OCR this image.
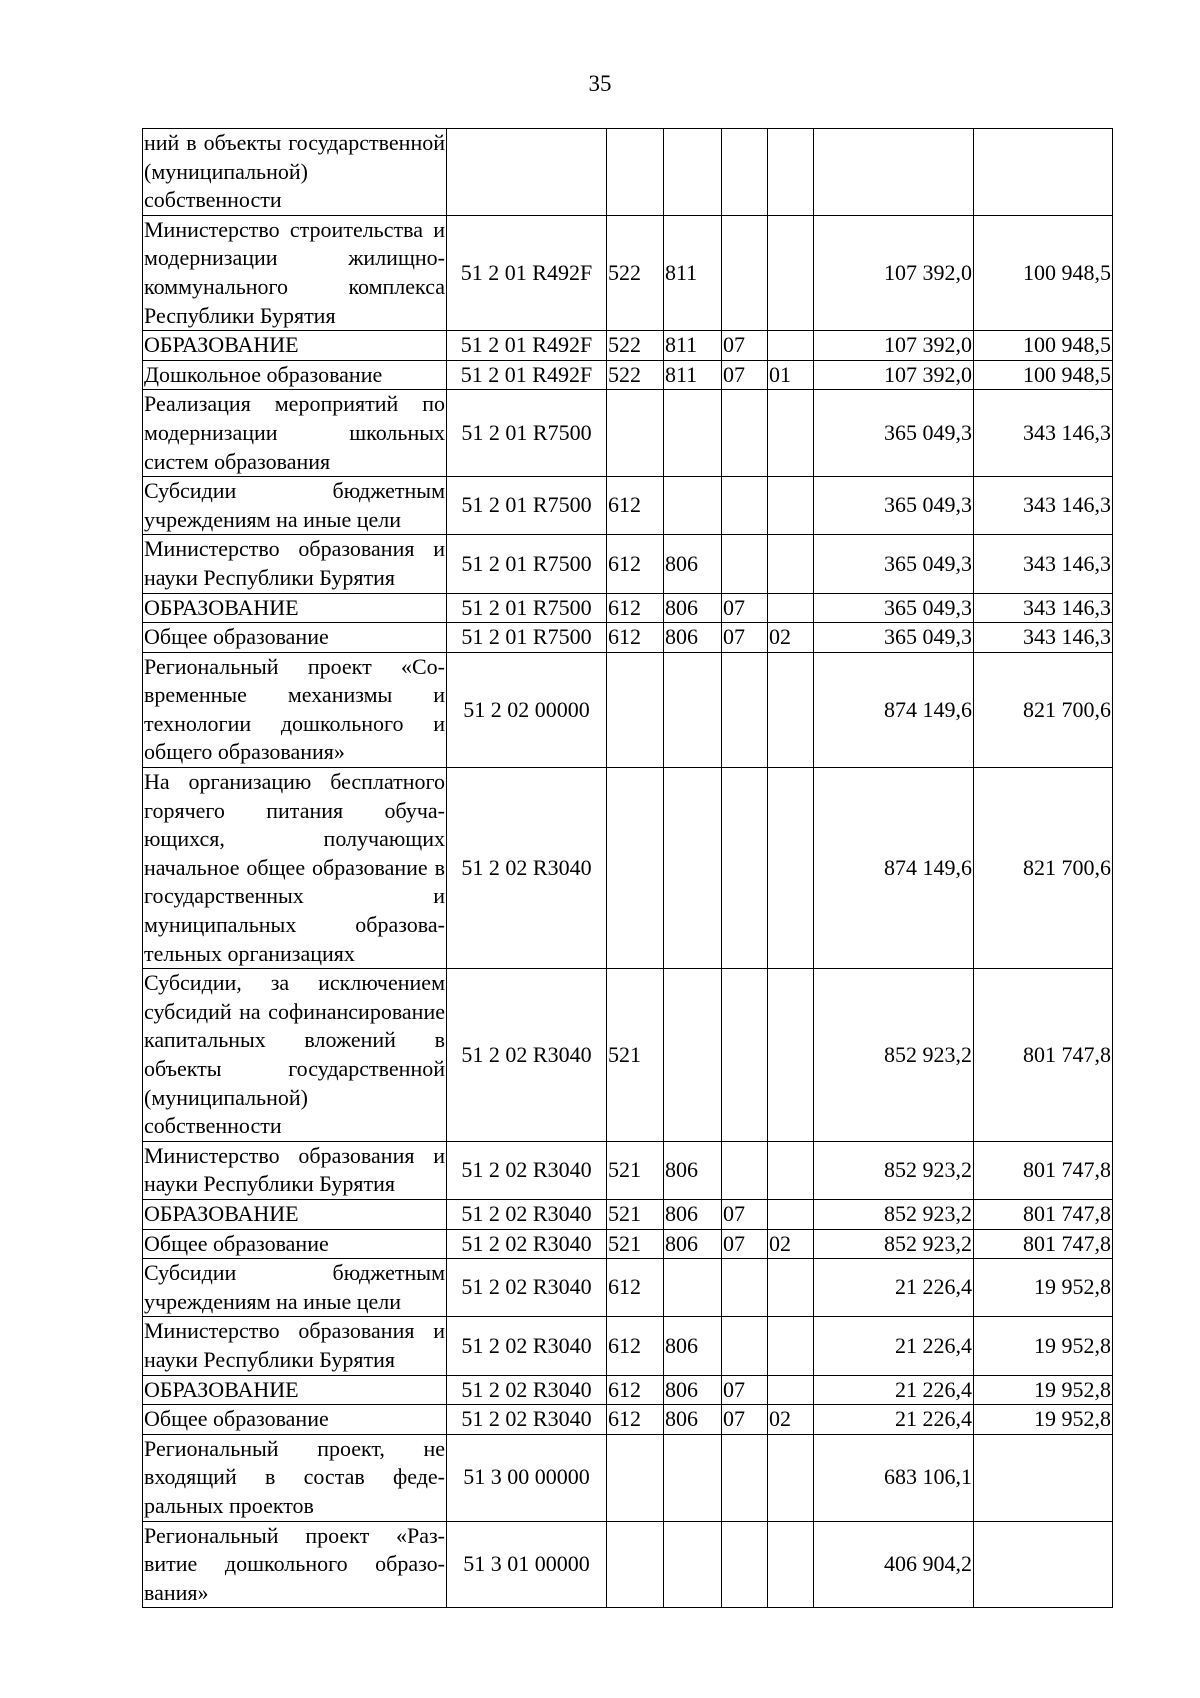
35
ний в объекты государственной (муниципальной) собственности							
Министерство строительства и модернизации жилищно-коммунального комплекса Республики Бурятия	51 2 01 R492F	522	811			107 392,0	100 948,5
ОБРАЗОВАНИЕ	51 2 01 R492F	522	811	07		107 392,0	100 948,5
Дошкольное образование	51 2 01 R492F	522	811	07	01	107 392,0	100 948,5
Реализация мероприятий по модернизации школьных систем образования	51 2 01 R7500					365 049,3	343 146,3
Субсидии бюджетным учреждениям на иные цели	51 2 01 R7500	612				365 049,3	343 146,3
Министерство образования и науки Республики Бурятия	51 2 01 R7500	612	806			365 049,3	343 146,3
ОБРАЗОВАНИЕ	51 2 01 R7500	612	806	07		365 049,3	343 146,3
Общее образование	51 2 01 R7500	612	806	07	02	365 049,3	343 146,3
Региональный проект «Современные механизмы и технологии дошкольного и общего образования»	51 2 02 00000					874 149,6	821 700,6
На организацию бесплатного горячего питания обучающихся, получающих начальное общее образование в государственных и муниципальных образовательных организациях	51 2 02 R3040					874 149,6	821 700,6
Субсидии, за исключением субсидий на софинансирование капитальных вложений в объекты государственной (муниципальной) собственности	51 2 02 R3040	521				852 923,2	801 747,8
Министерство образования и науки Республики Бурятия	51 2 02 R3040	521	806			852 923,2	801 747,8
ОБРАЗОВАНИЕ	51 2 02 R3040	521	806	07		852 923,2	801 747,8
Общее образование	51 2 02 R3040	521	806	07	02	852 923,2	801 747,8
Субсидии бюджетным учреждениям на иные цели	51 2 02 R3040	612				21 226,4	19 952,8
Министерство образования и науки Республики Бурятия	51 2 02 R3040	612	806			21 226,4	19 952,8
ОБРАЗОВАНИЕ	51 2 02 R3040	612	806	07		21 226,4	19 952,8
Общее образование	51 2 02 R3040	612	806	07	02	21 226,4	19 952,8
Региональный проект, не входящий в состав федеральных проектов	51 3 00 00000					683 106,1	
Региональный проект «Развитие дошкольного образования»	51 3 01 00000					406 904,2	
